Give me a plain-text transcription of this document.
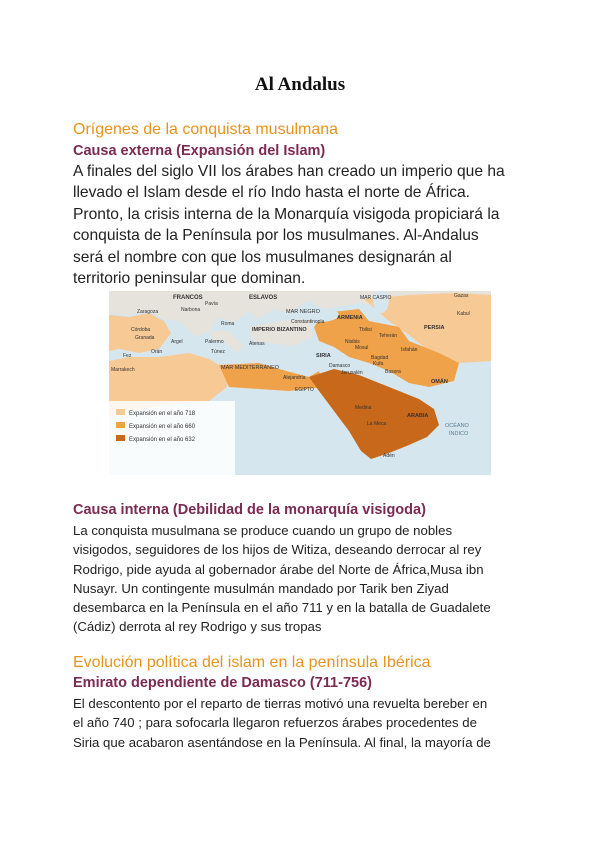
Al Andalus
Orígenes de la conquista musulmana
Causa externa (Expansión del Islam)
A finales del siglo VII los árabes han creado un imperio que ha
llevado el Islam desde el río Indo hasta el norte de África.
Pronto, la crisis interna de la Monarquía visigoda propiciará la
conquista de la Península por los musulmanes. Al-Andalus
será el nombre con que los musulmanes designarán al
territorio peninsular que dominan.
Expansión en el año 718
Expansión en el año 660
Expansión en el año 632
FRANCOS	ESLAVOS	Gazas
Zaragoza	Narbona
Pavía
Roma
MAR NEGRO
ARMENIA
MAR CASPIO
Constantinopla
IMPERIO BIZANTINO
Córdoba
Granada
Argel	Palermo	Atenas
PERSIA
Kabul
Orán
Fez
Túnez
SIRIA
Damasco
Jerusalén
Bagdad
Marrakech	MAR MEDITERRÁNEO
Alejandría
OMÁN
Medina
La Meca
ARABIA
OCÉANO
ÍNDICO
Adén
Tbilisi
Teherán
Nisibis
Mosul
Kufa
Basora
Isfahán
EGIPTO
Causa interna (Debilidad de la monarquía visigoda)
La conquista musulmana se produce cuando un grupo de nobles
visigodos, seguidores de los hijos de Witiza, deseando derrocar al rey
Rodrigo, pide ayuda al gobernador árabe del Norte de África,Musa ibn
Nusayr. Un contingente musulmán mandado por Tarik ben Ziyad
desembarca en la Península en el año 711 y en la batalla de Guadalete
(Cádiz) derrota al rey Rodrigo y sus tropas
Evolución política del islam en la península Ibérica
Emirato dependiente de Damasco (711-756)
El descontento por el reparto de tierras motivó una revuelta bereber en
el año 740 ; para sofocarla llegaron refuerzos árabes procedentes de
Siria que acabaron asentándose en la Península. Al final, la mayoría de
